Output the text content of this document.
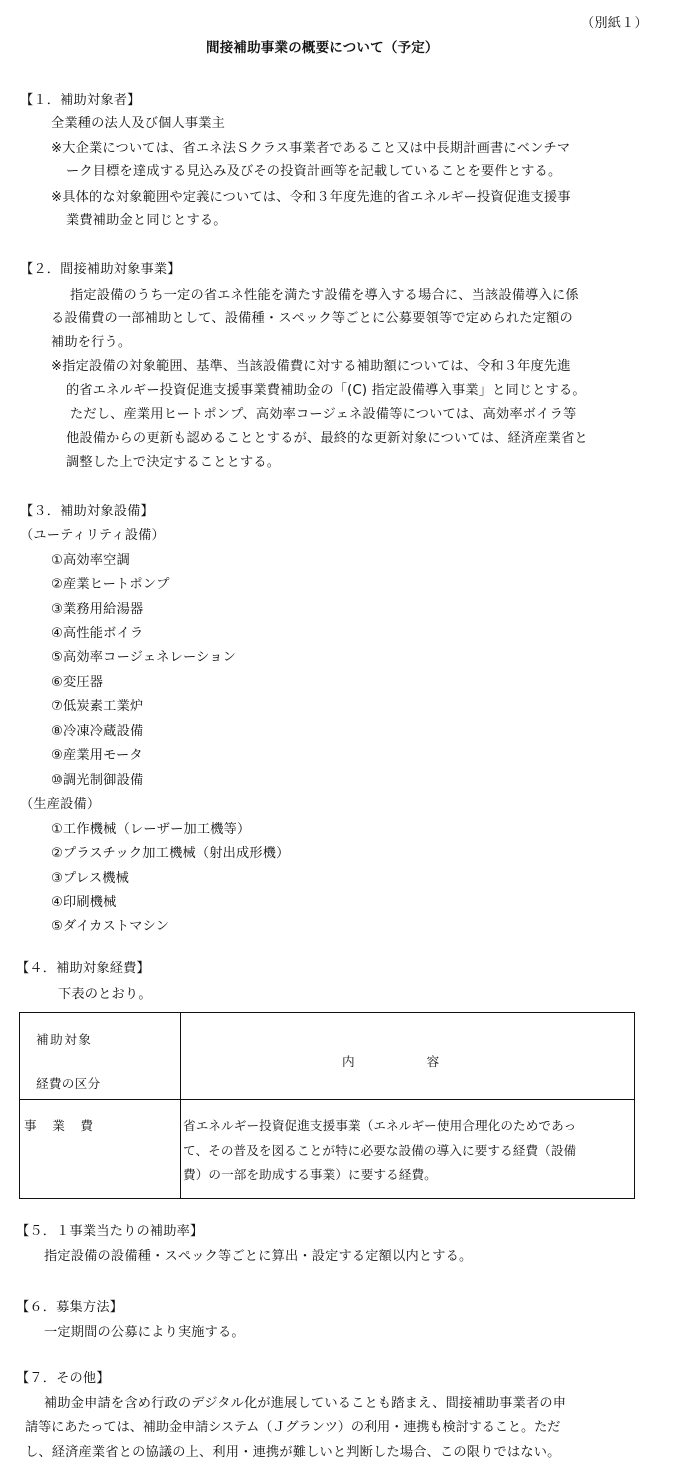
（別紙１）
間接補助事業の概要について（予定）
【１．補助対象者】
全業種の法人及び個人事業主
※大企業については、省エネ法Ｓクラス事業者であること又は中長期計画書にベンチマ
ーク目標を達成する見込み及びその投資計画等を記載していることを要件とする。
※具体的な対象範囲や定義については、令和３年度先進的省エネルギー投資促進支援事
業費補助金と同じとする。
【２．間接補助対象事業】
指定設備のうち一定の省エネ性能を満たす設備を導入する場合に、当該設備導入に係
る設備費の一部補助として、設備種・スペック等ごとに公募要領等で定められた定額の
補助を行う。
※指定設備の対象範囲、基準、当該設備費に対する補助額については、令和３年度先進
的省エネルギー投資促進支援事業費補助金の「(C) 指定設備導入事業」と同じとする。
ただし、産業用ヒートポンプ、高効率コージェネ設備等については、高効率ボイラ等
他設備からの更新も認めることとするが、最終的な更新対象については、経済産業省と
調整した上で決定することとする。
【３．補助対象設備】
（ユーティリティ設備）
①高効率空調
②産業ヒートポンプ
③業務用給湯器
④高性能ボイラ
⑤高効率コージェネレーション
⑥変圧器
⑦低炭素工業炉
⑧冷凍冷蔵設備
⑨産業用モータ
⑩調光制御設備
（生産設備）
①工作機械（レーザー加工機等）
②プラスチック加工機械（射出成形機）
③プレス機械
④印刷機械
⑤ダイカストマシン
【４．補助対象経費】
下表のとおり。
補助対象
経費の区分
内　　　　　容
事　業　費	省エネルギー投資促進支援事業（エネルギー使用合理化のためであっ
て、その普及を図ることが特に必要な設備の導入に要する経費（設備
費）の一部を助成する事業）に要する経費。
【５．１事業当たりの補助率】
指定設備の設備種・スペック等ごとに算出・設定する定額以内とする。
【６．募集方法】
一定期間の公募により実施する。
【７．その他】
補助金申請を含め行政のデジタル化が進展していることも踏まえ、間接補助事業者の申
請等にあたっては、補助金申請システム（Ｊグランツ）の利用・連携も検討すること。ただ
し、経済産業省との協議の上、利用・連携が難しいと判断した場合、この限りではない。
